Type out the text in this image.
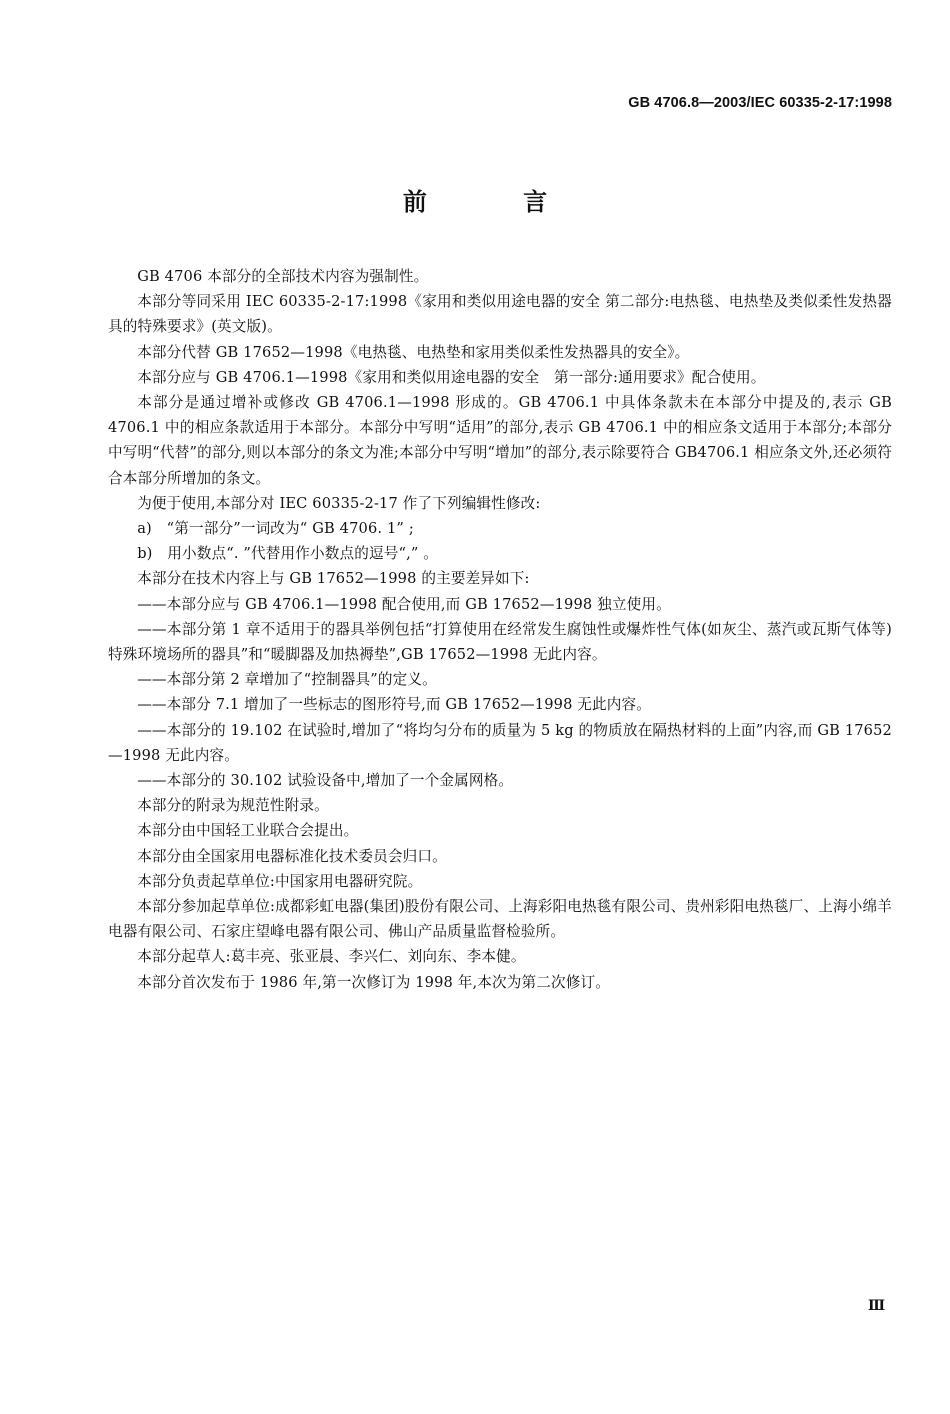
GB 4706.8—2003/IEC 60335-2-17:1998
前 言

GB 4706 本部分的全部技术内容为强制性。

本部分等同采用 IEC 60335-2-17:1998《家用和类似用途电器的安全 第二部分:电热毯、电热垫及类似柔性发热器具的特殊要求》(英文版)。

本部分代替 GB 17652—1998《电热毯、电热垫和家用类似柔性发热器具的安全》。

本部分应与 GB 4706.1—1998《家用和类似用途电器的安全　第一部分:通用要求》配合使用。

本部分是通过增补或修改 GB 4706.1—1998 形成的。GB 4706.1 中具体条款未在本部分中提及的,表示 GB 4706.1 中的相应条款适用于本部分。本部分中写明“适用”的部分,表示 GB 4706.1 中的相应条文适用于本部分;本部分中写明“代替”的部分,则以本部分的条文为准;本部分中写明“增加”的部分,表示除要符合 GB4706.1 相应条文外,还必须符合本部分所增加的条文。

为便于使用,本部分对 IEC 60335-2-17 作了下列编辑性修改:

a)　“第一部分”一词改为“ GB 4706. 1” ;

b)　用小数点“. ”代替用作小数点的逗号“,” 。

本部分在技术内容上与 GB 17652—1998 的主要差异如下:

——本部分应与 GB 4706.1—1998 配合使用,而 GB 17652—1998 独立使用。

——本部分第 1 章不适用于的器具举例包括“打算使用在经常发生腐蚀性或爆炸性气体(如灰尘、蒸汽或瓦斯气体等)特殊环境场所的器具”和“暖脚器及加热褥垫”,GB 17652—1998 无此内容。

——本部分第 2 章增加了“控制器具”的定义。

——本部分 7.1 增加了一些标志的图形符号,而 GB 17652—1998 无此内容。

——本部分的 19.102 在试验时,增加了“将均匀分布的质量为 5 kg 的物质放在隔热材料的上面”内容,而 GB 17652—1998 无此内容。

——本部分的 30.102 试验设备中,增加了一个金属网格。

本部分的附录为规范性附录。

本部分由中国轻工业联合会提出。

本部分由全国家用电器标准化技术委员会归口。

本部分负责起草单位:中国家用电器研究院。

本部分参加起草单位:成都彩虹电器(集团)股份有限公司、上海彩阳电热毯有限公司、贵州彩阳电热毯厂、上海小绵羊电器有限公司、石家庄望峰电器有限公司、佛山产品质量监督检验所。

本部分起草人:葛丰亮、张亚晨、李兴仁、刘向东、李本健。

本部分首次发布于 1986 年,第一次修订为 1998 年,本次为第二次修订。

Ⅲ
